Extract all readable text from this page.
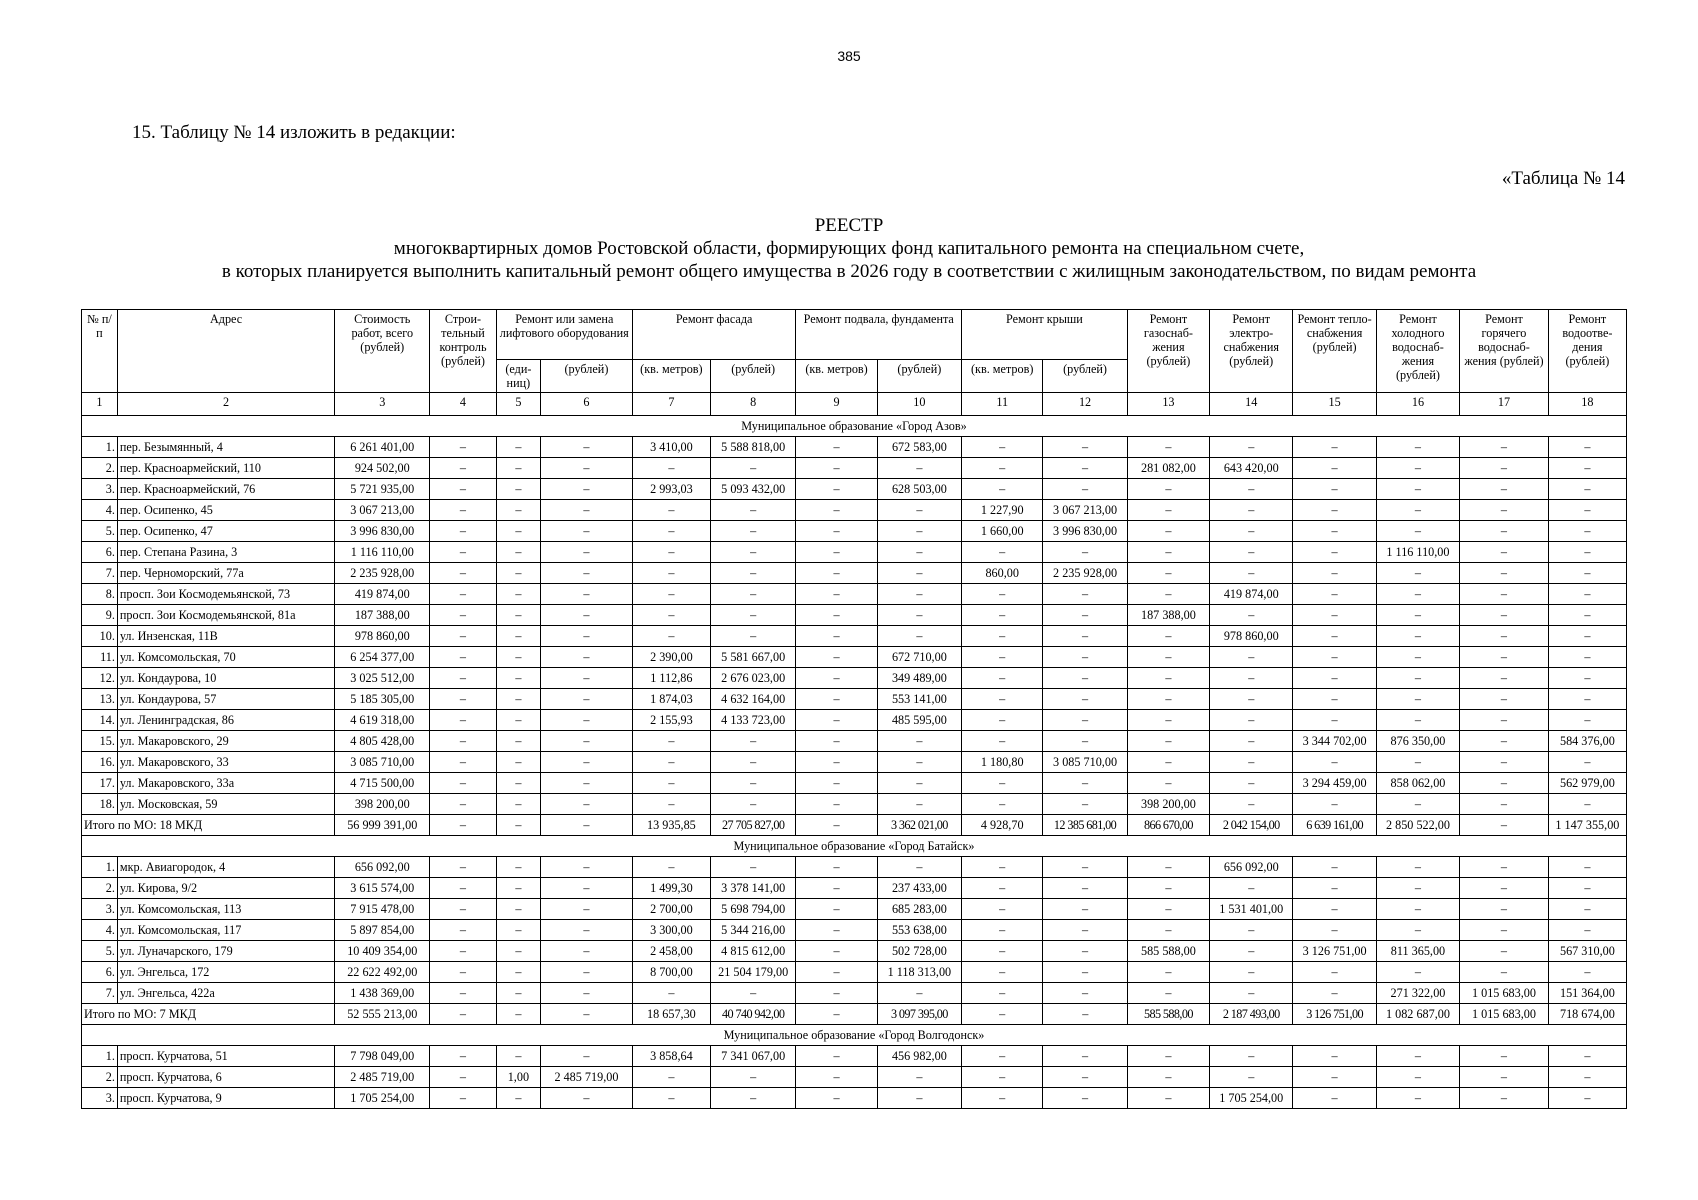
385
15. Таблицу № 14 изложить в редакции:
«Таблица № 14
РЕЕСТР
многоквартирных домов Ростовской области, формирующих фонд капитального ремонта на специальном счете,
в которых планируется выполнить капитальный ремонт общего имущества в 2026 году в соответствии с жилищным законодательством, по видам ремонта
№ п/п	Адрес	Стоимость работ, всего (рублей)	Строи-тельный контроль (рублей)	Ремонт или замена лифтового оборудования		Ремонт фасада		Ремонт подвала, фундамента		Ремонт крыши		Ремонт газоснаб-жения (рублей)	Ремонт электро-снабжения (рублей)	Ремонт тепло-снабжения (рублей)	Ремонт холодного водоснаб-жения (рублей)	Ремонт горячего водоснаб-жения (рублей)	Ремонт водоотве-дения (рублей)
				(еди-ниц)	(рублей)	(кв. метров)	(рублей)	(кв. метров)	(рублей)	(кв. метров)	(рублей)						
1	2	3	4	5	6	7	8	9	10	11	12	13	14	15	16	17	18
Муниципальное образование «Город Азов»																	
1.	пер. Безымянный, 4	6 261 401,00	–	–	–	3 410,00	5 588 818,00	–	672 583,00	–	–	–	–	–	–	–	–
2.	пер. Красноармейский, 110	924 502,00	–	–	–	–	–	–	–	–	–	281 082,00	643 420,00	–	–	–	–
3.	пер. Красноармейский, 76	5 721 935,00	–	–	–	2 993,03	5 093 432,00	–	628 503,00	–	–	–	–	–	–	–	–
4.	пер. Осипенко, 45	3 067 213,00	–	–	–	–	–	–	–	1 227,90	3 067 213,00	–	–	–	–	–	–
5.	пер. Осипенко, 47	3 996 830,00	–	–	–	–	–	–	–	1 660,00	3 996 830,00	–	–	–	–	–	–
6.	пер. Степана Разина, 3	1 116 110,00	–	–	–	–	–	–	–	–	–	–	–	–	1 116 110,00	–	–
7.	пер. Черноморский, 77а	2 235 928,00	–	–	–	–	–	–	–	860,00	2 235 928,00	–	–	–	–	–	–
8.	просп. Зои Космодемьянской, 73	419 874,00	–	–	–	–	–	–	–	–	–	–	419 874,00	–	–	–	–
9.	просп. Зои Космодемьянской, 81а	187 388,00	–	–	–	–	–	–	–	–	–	187 388,00	–	–	–	–	–
10.	ул. Инзенская, 11В	978 860,00	–	–	–	–	–	–	–	–	–	–	978 860,00	–	–	–	–
11.	ул. Комсомольская, 70	6 254 377,00	–	–	–	2 390,00	5 581 667,00	–	672 710,00	–	–	–	–	–	–	–	–
12.	ул. Кондаурова, 10	3 025 512,00	–	–	–	1 112,86	2 676 023,00	–	349 489,00	–	–	–	–	–	–	–	–
13.	ул. Кондаурова, 57	5 185 305,00	–	–	–	1 874,03	4 632 164,00	–	553 141,00	–	–	–	–	–	–	–	–
14.	ул. Ленинградская, 86	4 619 318,00	–	–	–	2 155,93	4 133 723,00	–	485 595,00	–	–	–	–	–	–	–	–
15.	ул. Макаровского, 29	4 805 428,00	–	–	–	–	–	–	–	–	–	–	–	3 344 702,00	876 350,00	–	584 376,00
16.	ул. Макаровского, 33	3 085 710,00	–	–	–	–	–	–	–	1 180,80	3 085 710,00	–	–	–	–	–	–
17.	ул. Макаровского, 33а	4 715 500,00	–	–	–	–	–	–	–	–	–	–	–	3 294 459,00	858 062,00	–	562 979,00
18.	ул. Московская, 59	398 200,00	–	–	–	–	–	–	–	–	–	398 200,00	–	–	–	–	–
Итого по МО: 18 МКД		56 999 391,00	–	–	–	13 935,85	27 705 827,00	–	3 362 021,00	4 928,70	12 385 681,00	866 670,00	2 042 154,00	6 639 161,00	2 850 522,00	–	1 147 355,00
Муниципальное образование «Город Батайск»																	
1.	мкр. Авиагородок, 4	656 092,00	–	–	–	–	–	–	–	–	–	–	656 092,00	–	–	–	–
2.	ул. Кирова, 9/2	3 615 574,00	–	–	–	1 499,30	3 378 141,00	–	237 433,00	–	–	–	–	–	–	–	–
3.	ул. Комсомольская, 113	7 915 478,00	–	–	–	2 700,00	5 698 794,00	–	685 283,00	–	–	–	1 531 401,00	–	–	–	–
4.	ул. Комсомольская, 117	5 897 854,00	–	–	–	3 300,00	5 344 216,00	–	553 638,00	–	–	–	–	–	–	–	–
5.	ул. Луначарского, 179	10 409 354,00	–	–	–	2 458,00	4 815 612,00	–	502 728,00	–	–	585 588,00	–	3 126 751,00	811 365,00	–	567 310,00
6.	ул. Энгельса, 172	22 622 492,00	–	–	–	8 700,00	21 504 179,00	–	1 118 313,00	–	–	–	–	–	–	–	–
7.	ул. Энгельса, 422а	1 438 369,00	–	–	–	–	–	–	–	–	–	–	–	–	271 322,00	1 015 683,00	151 364,00
Итого по МО: 7 МКД		52 555 213,00	–	–	–	18 657,30	40 740 942,00	–	3 097 395,00	–	–	585 588,00	2 187 493,00	3 126 751,00	1 082 687,00	1 015 683,00	718 674,00
Муниципальное образование «Город Волгодонск»																	
1.	просп. Курчатова, 51	7 798 049,00	–	–	–	3 858,64	7 341 067,00	–	456 982,00	–	–	–	–	–	–	–	–
2.	просп. Курчатова, 6	2 485 719,00	–	1,00	2 485 719,00	–	–	–	–	–	–	–	–	–	–	–	–
3.	просп. Курчатова, 9	1 705 254,00	–	–	–	–	–	–	–	–	–	–	1 705 254,00	–	–	–	–
